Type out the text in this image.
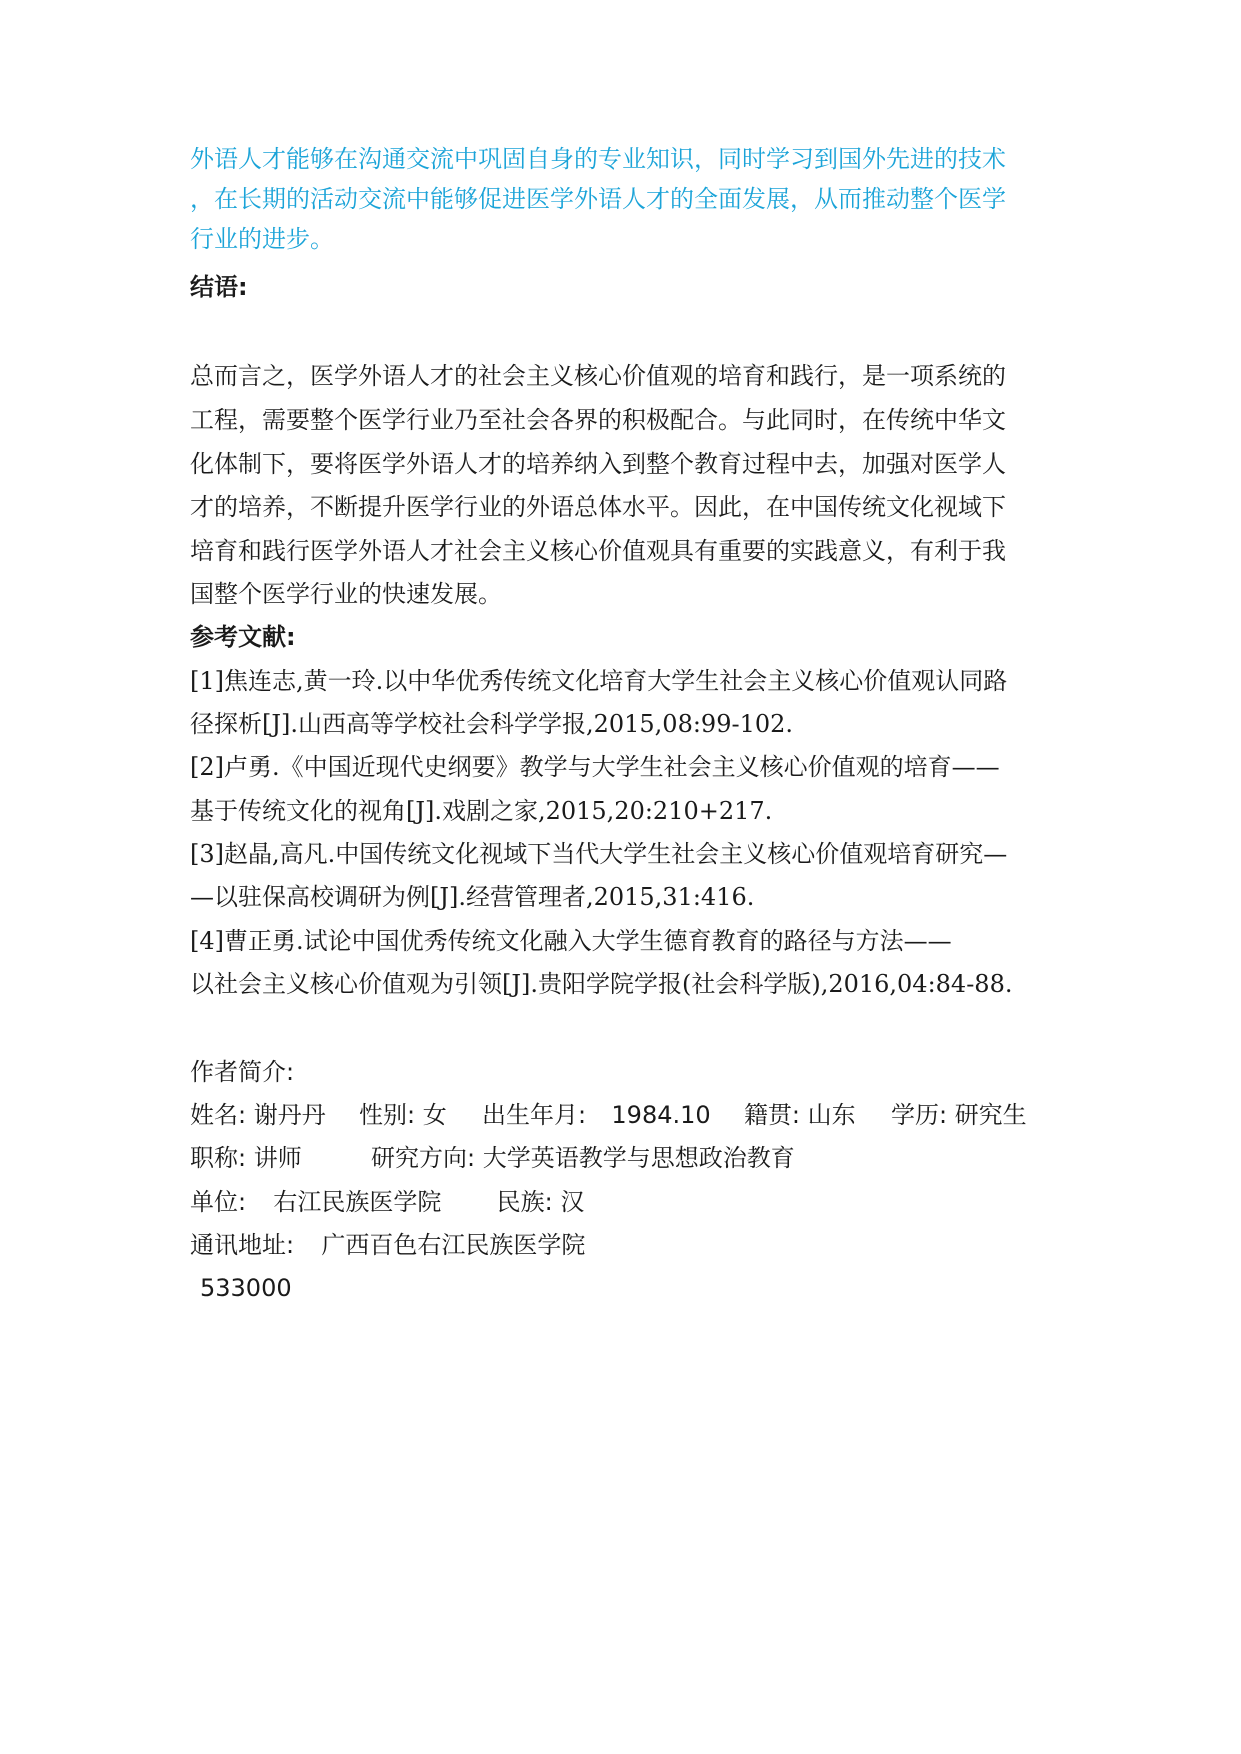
外语人才能够在沟通交流中巩固自身的专业知识，同时学习到国外先进的技术
，在长期的活动交流中能够促进医学外语人才的全面发展，从而推动整个医学
行业的进步。
结语:
总而言之，医学外语人才的社会主义核心价值观的培育和践行，是一项系统的
工程，需要整个医学行业乃至社会各界的积极配合。与此同时，在传统中华文
化体制下，要将医学外语人才的培养纳入到整个教育过程中去，加强对医学人
才的培养，不断提升医学行业的外语总体水平。因此，在中国传统文化视域下
培育和践行医学外语人才社会主义核心价值观具有重要的实践意义，有利于我
国整个医学行业的快速发展。
参考文献:
[1]焦连志,黄一玲.以中华优秀传统文化培育大学生社会主义核心价值观认同路
径探析[J].山西高等学校社会科学学报,2015,08:99-102.
[2]卢勇.《中国近现代史纲要》教学与大学生社会主义核心价值观的培育——
基于传统文化的视角[J].戏剧之家,2015,20:210+217.
[3]赵晶,高凡.中国传统文化视域下当代大学生社会主义核心价值观培育研究—
—以驻保高校调研为例[J].经营管理者,2015,31:416.
[4]曹正勇.试论中国优秀传统文化融入大学生德育教育的路径与方法——
以社会主义核心价值观为引领[J].贵阳学院学报(社会科学版),2016,04:84-88.
作者简介:
姓名: 谢丹丹 性别: 女 出生年月: 1984.10 籍贯: 山东 学历: 研究生
职称: 讲师	研究方向: 大学英语教学与思想政治教育
单位: 右江民族医学院 民族: 汉
通讯地址: 广西百色右江民族医学院
533000
